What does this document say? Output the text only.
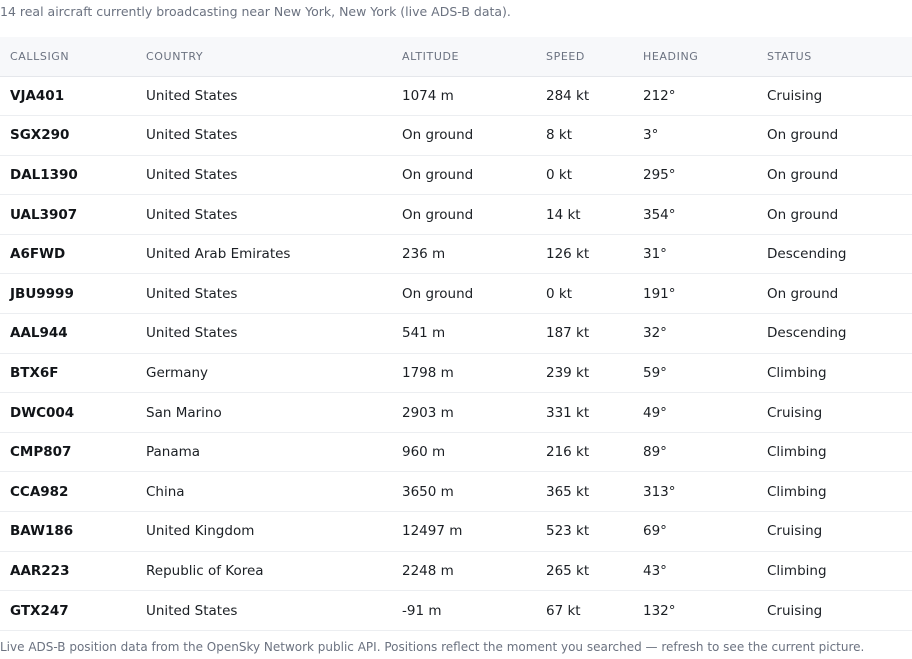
14 real aircraft currently broadcasting near New York, New York (live ADS-B data).
CALLSIGN	COUNTRY	ALTITUDE	SPEED	HEADING	STATUS
VJA401	United States	1074 m	284 kt	212°	Cruising
SGX290	United States	On ground	8 kt	3°	On ground
DAL1390	United States	On ground	0 kt	295°	On ground
UAL3907	United States	On ground	14 kt	354°	On ground
A6FWD	United Arab Emirates	236 m	126 kt	31°	Descending
JBU9999	United States	On ground	0 kt	191°	On ground
AAL944	United States	541 m	187 kt	32°	Descending
BTX6F	Germany	1798 m	239 kt	59°	Climbing
DWC004	San Marino	2903 m	331 kt	49°	Cruising
CMP807	Panama	960 m	216 kt	89°	Climbing
CCA982	China	3650 m	365 kt	313°	Climbing
BAW186	United Kingdom	12497 m	523 kt	69°	Cruising
AAR223	Republic of Korea	2248 m	265 kt	43°	Climbing
GTX247	United States	-91 m	67 kt	132°	Cruising
Live ADS-B position data from the OpenSky Network public API. Positions reflect the moment you searched — refresh to see the current picture.
